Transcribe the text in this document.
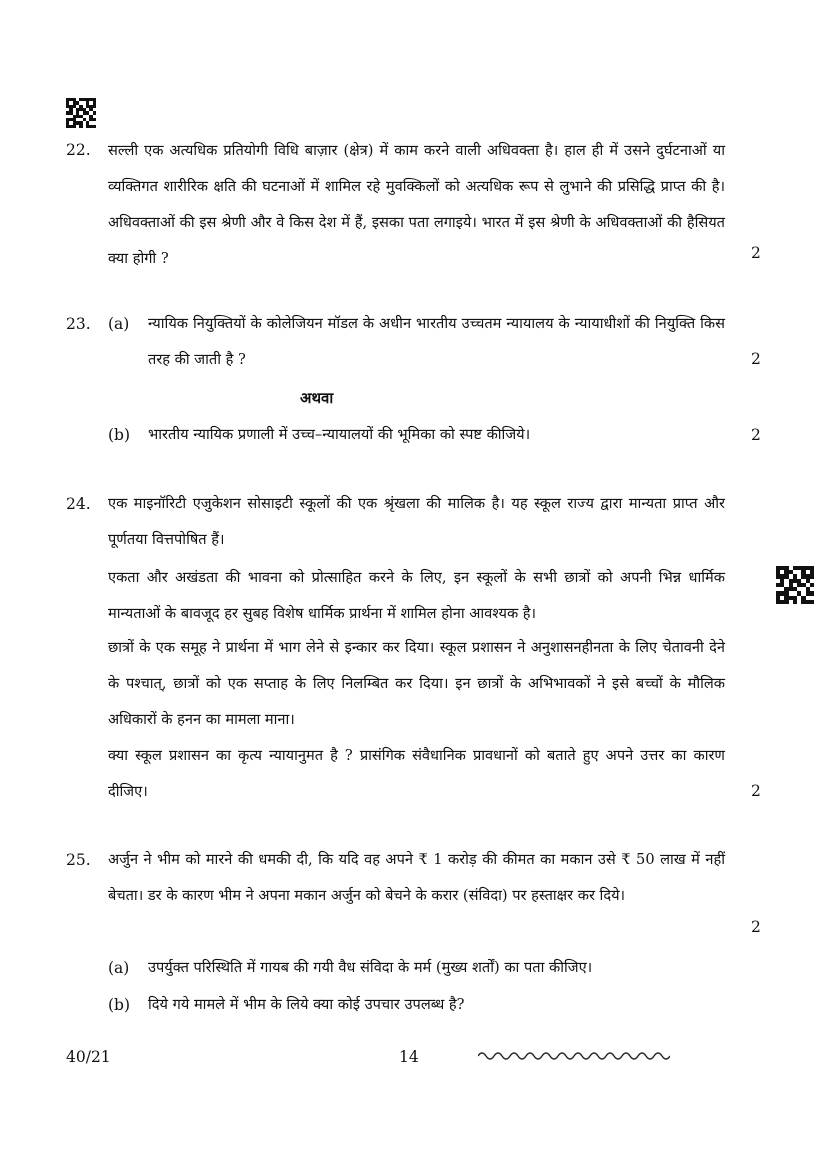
22. सल्ली एक अत्यधिक प्रतियोगी विधि बाज़ार (क्षेत्र) में काम करने वाली अधिवक्ता है। हाल ही में उसने दुर्घटनाओं या व्यक्तिगत शारीरिक क्षति की घटनाओं में शामिल रहे मुवक्किलों को अत्यधिक रूप से लुभाने की प्रसिद्धि प्राप्त की है। अधिवक्ताओं की इस श्रेणी और वे किस देश में हैं, इसका पता लगाइये। भारत में इस श्रेणी के अधिवक्ताओं की हैसियत क्या होगी ?	2
23. (a) न्यायिक नियुक्तियों के कोलेजियन मॉडल के अधीन भारतीय उच्चतम न्यायालय के न्यायाधीशों की नियुक्ति किस तरह की जाती है ?	2
अथवा
(b) भारतीय न्यायिक प्रणाली में उच्च–न्यायालयों की भूमिका को स्पष्ट कीजिये।	2
24. एक माइनॉरिटी एजुकेशन सोसाइटी स्कूलों की एक श्रृंखला की मालिक है। यह स्कूल राज्य द्वारा मान्यता प्राप्त और पूर्णतया वित्तपोषित हैं।
एकता और अखंडता की भावना को प्रोत्साहित करने के लिए, इन स्कूलों के सभी छात्रों को अपनी भिन्न धार्मिक मान्यताओं के बावजूद हर सुबह विशेष धार्मिक प्रार्थना में शामिल होना आवश्यक है।
छात्रों के एक समूह ने प्रार्थना में भाग लेने से इन्कार कर दिया। स्कूल प्रशासन ने अनुशासनहीनता के लिए चेतावनी देने के पश्चात्, छात्रों को एक सप्ताह के लिए निलम्बित कर दिया। इन छात्रों के अभिभावकों ने इसे बच्चों के मौलिक अधिकारों के हनन का मामला माना।
क्या स्कूल प्रशासन का कृत्य न्यायानुमत है ? प्रासंगिक संवैधानिक प्रावधानों को बताते हुए अपने उत्तर का कारण दीजिए।	2
25. अर्जुन ने भीम को मारने की धमकी दी, कि यदि वह अपने ₹ 1 करोड़ की कीमत का मकान उसे ₹ 50 लाख में नहीं बेचता। डर के कारण भीम ने अपना मकान अर्जुन को बेचने के करार (संविदा) पर हस्ताक्षर कर दिये।
2
(a) उपर्युक्त परिस्थिति में गायब की गयी वैध संविदा के मर्म (मुख्य शर्तों) का पता कीजिए।
(b) दिये गये मामले में भीम के लिये क्या कोई उपचार उपलब्ध है?
40/21	14
